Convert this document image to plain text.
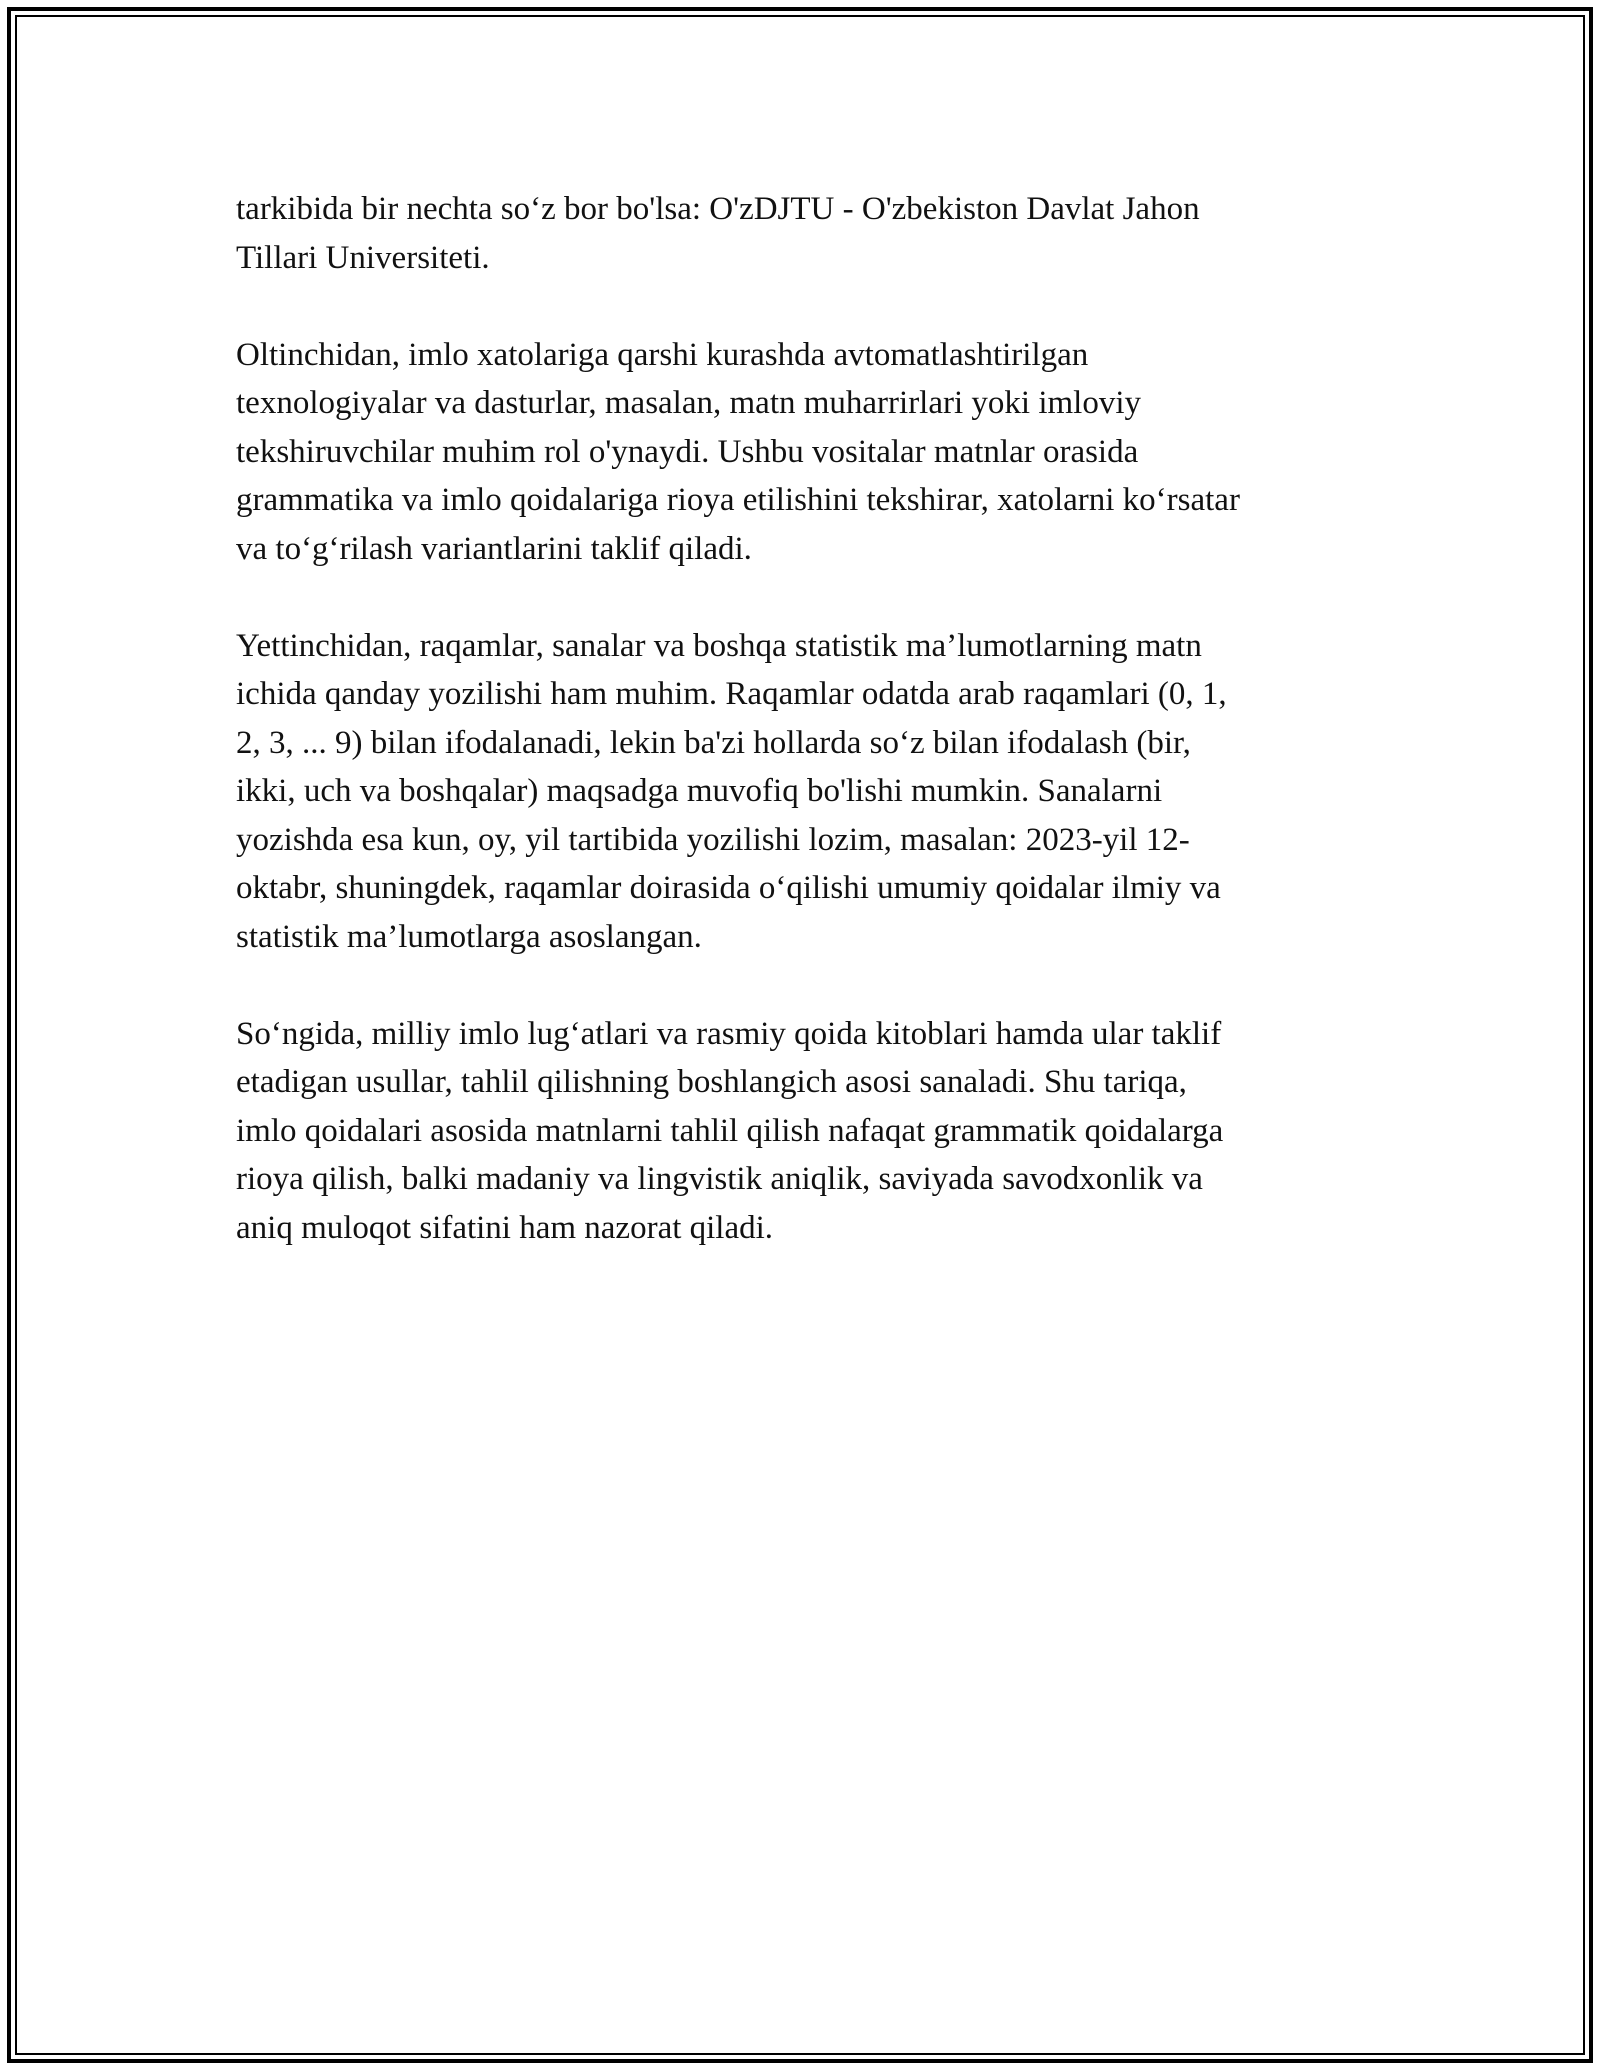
tarkibida bir nechta so‘z bor bo'lsa: O'zDJTU - O'zbekiston Davlat Jahon
Tillari Universiteti.

Oltinchidan, imlo xatolariga qarshi kurashda avtomatlashtirilgan
texnologiyalar va dasturlar, masalan, matn muharrirlari yoki imloviy
tekshiruvchilar muhim rol o'ynaydi. Ushbu vositalar matnlar orasida
grammatika va imlo qoidalariga rioya etilishini tekshirar, xatolarni ko‘rsatar
va to‘g‘rilash variantlarini taklif qiladi.

Yettinchidan, raqamlar, sanalar va boshqa statistik ma’lumotlarning matn
ichida qanday yozilishi ham muhim. Raqamlar odatda arab raqamlari (0, 1,
2, 3, ... 9) bilan ifodalanadi, lekin ba'zi hollarda so‘z bilan ifodalash (bir,
ikki, uch va boshqalar) maqsadga muvofiq bo'lishi mumkin. Sanalarni
yozishda esa kun, oy, yil tartibida yozilishi lozim, masalan: 2023-yil 12-
oktabr, shuningdek, raqamlar doirasida o‘qilishi umumiy qoidalar ilmiy va
statistik ma’lumotlarga asoslangan.

So‘ngida, milliy imlo lug‘atlari va rasmiy qoida kitoblari hamda ular taklif
etadigan usullar, tahlil qilishning boshlangich asosi sanaladi. Shu tariqa,
imlo qoidalari asosida matnlarni tahlil qilish nafaqat grammatik qoidalarga
rioya qilish, balki madaniy va lingvistik aniqlik, saviyada savodxonlik va
aniq muloqot sifatini ham nazorat qiladi.
